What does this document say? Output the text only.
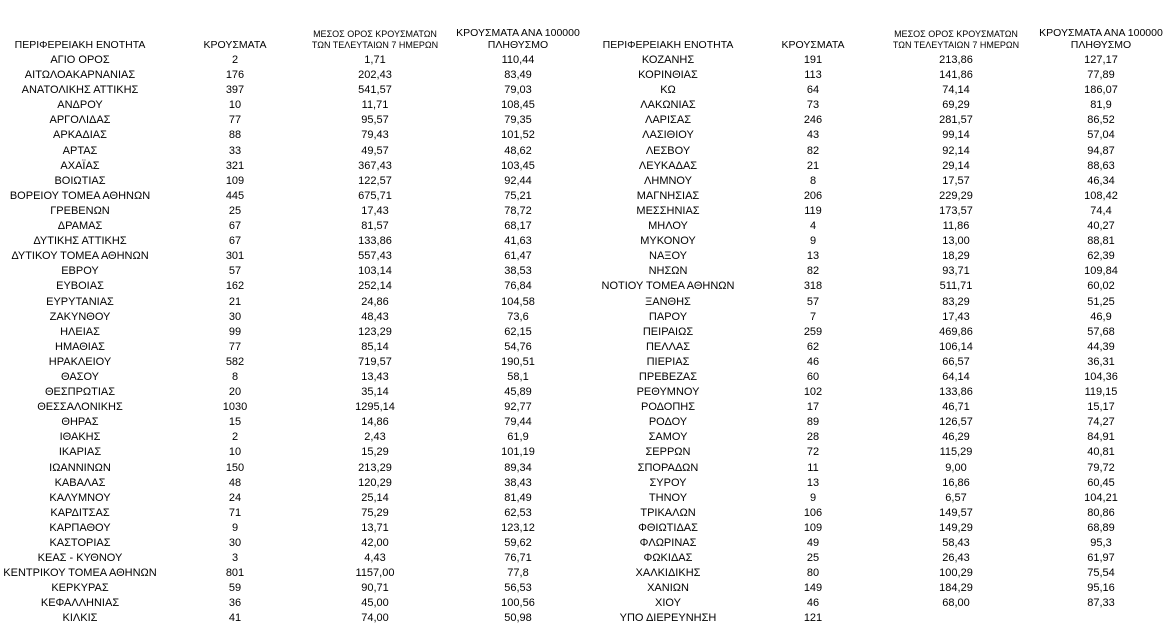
ΠΕΡΙΦΕΡΕΙΑΚΗ ΕΝΟΤΗΤΑ	ΚΡΟΥΣΜΑΤΑ
ΜΕΣΟΣ ΟΡΟΣ ΚΡΟΥΣΜΑΤΩΝ
ΤΩΝ ΤΕΛΕΥΤΑΙΩΝ 7 ΗΜΕΡΩΝ
ΚΡΟΥΣΜΑΤΑ ΑΝΑ 100000
ΠΛΗΘΥΣΜΟ
ΑΓΙΟ ΟΡΟΣ	2	1,71	110,44
ΑΙΤΩΛΟΑΚΑΡΝΑΝΙΑΣ	176	202,43	83,49
ΑΝΑΤΟΛΙΚΗΣ ΑΤΤΙΚΗΣ	397	541,57	79,03
ΑΝΔΡΟΥ	10	11,71	108,45
ΑΡΓΟΛΙΔΑΣ	77	95,57	79,35
ΑΡΚΑΔΙΑΣ	88	79,43	101,52
ΑΡΤΑΣ	33	49,57	48,62
ΑΧΑΪΑΣ	321	367,43	103,45
ΒΟΙΩΤΙΑΣ	109	122,57	92,44
ΒΟΡΕΙΟΥ ΤΟΜΕΑ ΑΘΗΝΩΝ	445	675,71	75,21
ΓΡΕΒΕΝΩΝ	25	17,43	78,72
ΔΡΑΜΑΣ	67	81,57	68,17
ΔΥΤΙΚΗΣ ΑΤΤΙΚΗΣ	67	133,86	41,63
ΔΥΤΙΚΟΥ ΤΟΜΕΑ ΑΘΗΝΩΝ	301	557,43	61,47
ΕΒΡΟΥ	57	103,14	38,53
ΕΥΒΟΙΑΣ	162	252,14	76,84
ΕΥΡΥΤΑΝΙΑΣ	21	24,86	104,58
ΖΑΚΥΝΘΟΥ	30	48,43	73,6
ΗΛΕΙΑΣ	99	123,29	62,15
ΗΜΑΘΙΑΣ	77	85,14	54,76
ΗΡΑΚΛΕΙΟΥ	582	719,57	190,51
ΘΑΣΟΥ	8	13,43	58,1
ΘΕΣΠΡΩΤΙΑΣ	20	35,14	45,89
ΘΕΣΣΑΛΟΝΙΚΗΣ	1030	1295,14	92,77
ΘΗΡΑΣ	15	14,86	79,44
ΙΘΑΚΗΣ	2	2,43	61,9
ΙΚΑΡΙΑΣ	10	15,29	101,19
ΙΩΑΝΝΙΝΩΝ	150	213,29	89,34
ΚΑΒΑΛΑΣ	48	120,29	38,43
ΚΑΛΥΜΝΟΥ	24	25,14	81,49
ΚΑΡΔΙΤΣΑΣ	71	75,29	62,53
ΚΑΡΠΑΘΟΥ	9	13,71	123,12
ΚΑΣΤΟΡΙΑΣ	30	42,00	59,62
ΚΕΑΣ - ΚΥΘΝΟΥ	3	4,43	76,71
ΚΕΝΤΡΙΚΟΥ ΤΟΜΕΑ ΑΘΗΝΩΝ	801	1157,00	77,8
ΚΕΡΚΥΡΑΣ	59	90,71	56,53
ΚΕΦΑΛΛΗΝΙΑΣ	36	45,00	100,56
ΚΙΛΚΙΣ	41	74,00	50,98
ΠΕΡΙΦΕΡΕΙΑΚΗ ΕΝΟΤΗΤΑ	ΚΡΟΥΣΜΑΤΑ
ΜΕΣΟΣ ΟΡΟΣ ΚΡΟΥΣΜΑΤΩΝ
ΤΩΝ ΤΕΛΕΥΤΑΙΩΝ 7 ΗΜΕΡΩΝ
ΚΡΟΥΣΜΑΤΑ ΑΝΑ 100000
ΠΛΗΘΥΣΜΟ
ΚΟΖΑΝΗΣ	191	213,86	127,17
ΚΟΡΙΝΘΙΑΣ	113	141,86	77,89
ΚΩ	64	74,14	186,07
ΛΑΚΩΝΙΑΣ	73	69,29	81,9
ΛΑΡΙΣΑΣ	246	281,57	86,52
ΛΑΣΙΘΙΟΥ	43	99,14	57,04
ΛΕΣΒΟΥ	82	92,14	94,87
ΛΕΥΚΑΔΑΣ	21	29,14	88,63
ΛΗΜΝΟΥ	8	17,57	46,34
ΜΑΓΝΗΣΙΑΣ	206	229,29	108,42
ΜΕΣΣΗΝΙΑΣ	119	173,57	74,4
ΜΗΛΟΥ	4	11,86	40,27
ΜΥΚΟΝΟΥ	9	13,00	88,81
ΝΑΞΟΥ	13	18,29	62,39
ΝΗΣΩΝ	82	93,71	109,84
ΝΟΤΙΟΥ ΤΟΜΕΑ ΑΘΗΝΩΝ	318	511,71	60,02
ΞΑΝΘΗΣ	57	83,29	51,25
ΠΑΡΟΥ	7	17,43	46,9
ΠΕΙΡΑΙΩΣ	259	469,86	57,68
ΠΕΛΛΑΣ	62	106,14	44,39
ΠΙΕΡΙΑΣ	46	66,57	36,31
ΠΡΕΒΕΖΑΣ	60	64,14	104,36
ΡΕΘΥΜΝΟΥ	102	133,86	119,15
ΡΟΔΟΠΗΣ	17	46,71	15,17
ΡΟΔΟΥ	89	126,57	74,27
ΣΑΜΟΥ	28	46,29	84,91
ΣΕΡΡΩΝ	72	115,29	40,81
ΣΠΟΡΑΔΩΝ	11	9,00	79,72
ΣΥΡΟΥ	13	16,86	60,45
ΤΗΝΟΥ	9	6,57	104,21
ΤΡΙΚΑΛΩΝ	106	149,57	80,86
ΦΘΙΩΤΙΔΑΣ	109	149,29	68,89
ΦΛΩΡΙΝΑΣ	49	58,43	95,3
ΦΩΚΙΔΑΣ	25	26,43	61,97
ΧΑΛΚΙΔΙΚΗΣ	80	100,29	75,54
ΧΑΝΙΩΝ	149	184,29	95,16
ΧΙΟΥ	46	68,00	87,33
ΥΠΟ ΔΙΕΡΕΥΝΗΣΗ	121
